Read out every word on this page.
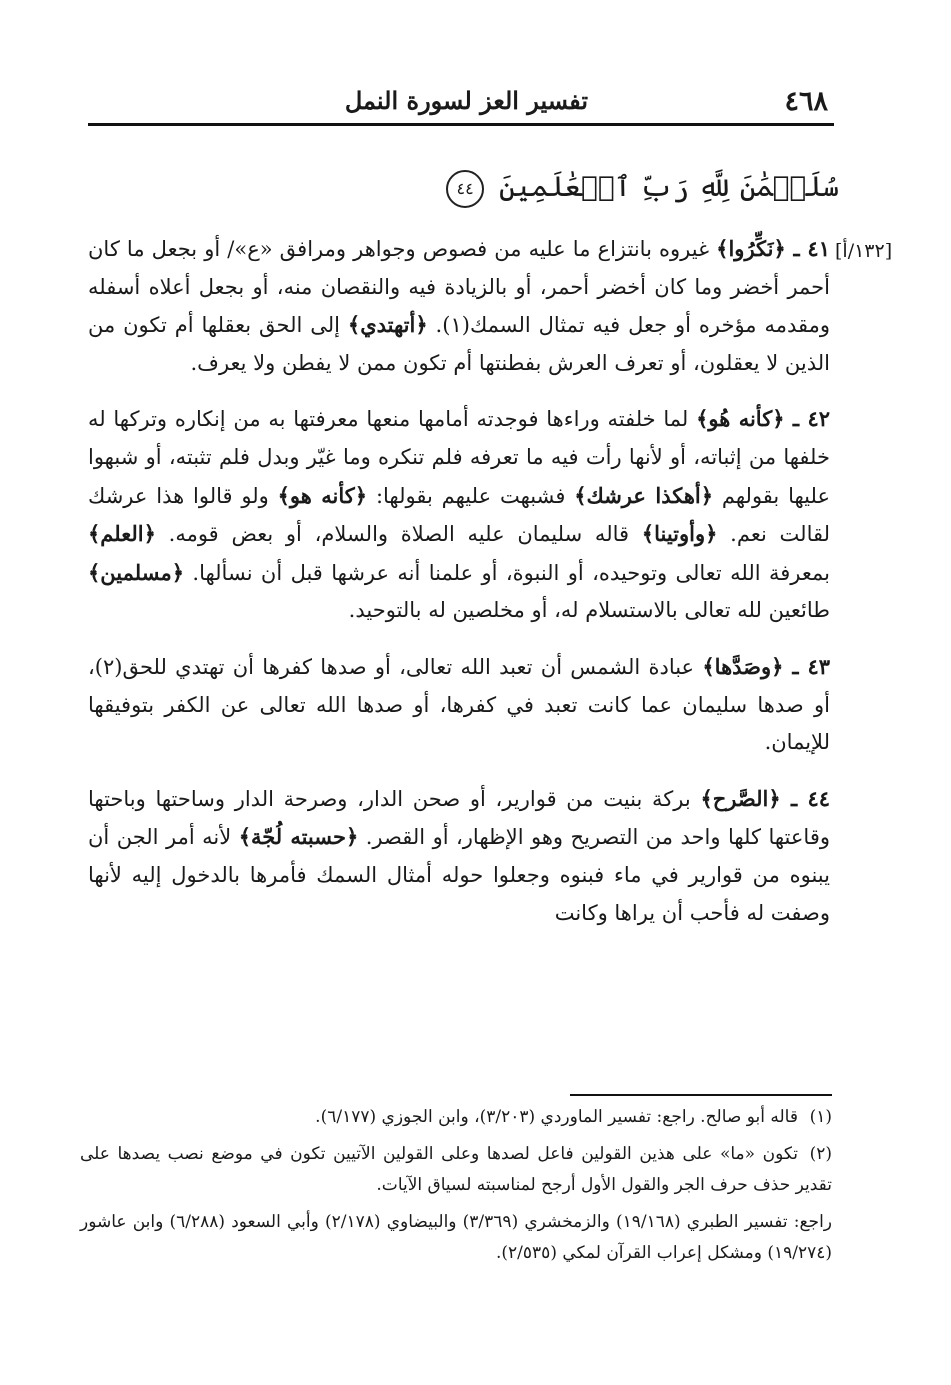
٤٦٨
تفسير العز لسورة النمل
سُلَيۡمَٰنَ لِلَّهِ رَبِّ ٱلۡعَٰلَمِينَ ٤٤
[١٣٢/أ]

٤١ ـ ﴿نَكِّرُوا﴾ غيروه بانتزاع ما عليه من فصوص وجواهر ومرافق «ع»/ أو بجعل ما كان أحمر أخضر وما كان أخضر أحمر، أو بالزيادة فيه والنقصان منه، أو بجعل أعلاه أسفله ومقدمه مؤخره أو جعل فيه تمثال السمك(١). ﴿أتهتدي﴾ إلى الحق بعقلها أم تكون من الذين لا يعقلون، أو تعرف العرش بفطنتها أم تكون ممن لا يفطن ولا يعرف.

٤٢ ـ ﴿كأنه هُو﴾ لما خلفته وراءها فوجدته أمامها منعها معرفتها به من إنكاره وتركها له خلفها من إثباته، أو لأنها رأت فيه ما تعرفه فلم تنكره وما غيّر وبدل فلم تثبته، أو شبهوا عليها بقولهم ﴿أهكذا عرشك﴾ فشبهت عليهم بقولها: ﴿كأنه هو﴾ ولو قالوا هذا عرشك لقالت نعم. ﴿وأوتينا﴾ قاله سليمان عليه الصلاة والسلام، أو بعض قومه. ﴿العلم﴾ بمعرفة الله تعالى وتوحيده، أو النبوة، أو علمنا أنه عرشها قبل أن نسألها. ﴿مسلمين﴾ طائعين لله تعالى بالاستسلام له، أو مخلصين له بالتوحيد.

٤٣ ـ ﴿وصَدَّها﴾ عبادة الشمس أن تعبد الله تعالى، أو صدها كفرها أن تهتدي للحق(٢)، أو صدها سليمان عما كانت تعبد في كفرها، أو صدها الله تعالى عن الكفر بتوفيقها للإيمان.

٤٤ ـ ﴿الصَّرح﴾ بركة بنيت من قوارير، أو صحن الدار، وصرحة الدار وساحتها وباحتها وقاعتها كلها واحد من التصريح وهو الإظهار، أو القصر. ﴿حسبته لُجّة﴾ لأنه أمر الجن أن يبنوه من قوارير في ماء فبنوه وجعلوا حوله أمثال السمك فأمرها بالدخول إليه لأنها وصفت له فأحب أن يراها وكانت

(١)قاله أبو صالح. راجع: تفسير الماوردي (٣/٢٠٣)، وابن الجوزي (٦/١٧٧).

(٢)تكون «ما» على هذين القولين فاعل لصدها وعلى القولين الآتيين تكون في موضع نصب يصدها على تقدير حذف حرف الجر والقول الأول أرجح لمناسبته لسياق الآيات.

راجع: تفسير الطبري (١٩/١٦٨) والزمخشري (٣/٣٦٩) والبيضاوي (٢/١٧٨) وأبي السعود (٦/٢٨٨) وابن عاشور (١٩/٢٧٤) ومشكل إعراب القرآن لمكي (٢/٥٣٥).
